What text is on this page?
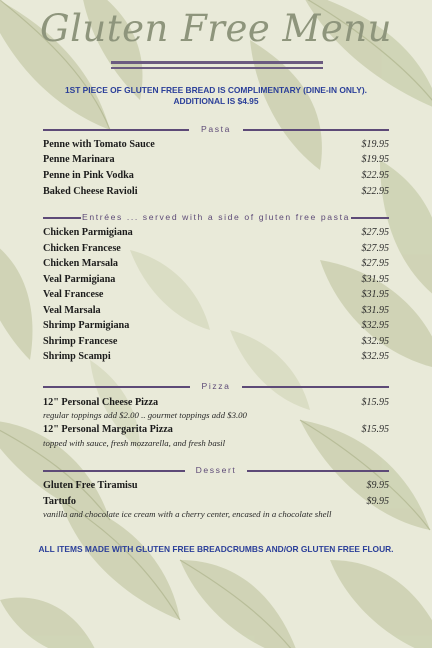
Gluten Free Menu
1ST PIECE OF GLUTEN FREE BREAD IS COMPLIMENTARY (DINE-IN ONLY). ADDITIONAL IS $4.95
Pasta
Penne with Tomato Sauce	$19.95
Penne Marinara	$19.95
Penne in Pink Vodka	$22.95
Baked Cheese Ravioli	$22.95
Entrées ... served with a side of gluten free pasta
Chicken Parmigiana	$27.95
Chicken Francese	$27.95
Chicken Marsala	$27.95
Veal Parmigiana	$31.95
Veal Francese	$31.95
Veal Marsala	$31.95
Shrimp Parmigiana	$32.95
Shrimp Francese	$32.95
Shrimp Scampi	$32.95
Pizza
12" Personal Cheese Pizza	$15.95
regular toppings add $2.00 .. gourmet toppings add $3.00
12" Personal Margarita Pizza	$15.95
topped with sauce, fresh mozzarella, and fresh basil
Dessert
Gluten Free Tiramisu	$9.95
Tartufo	$9.95
vanilla and chocolate ice cream with a cherry center, encased in a chocolate shell
ALL ITEMS MADE WITH GLUTEN FREE BREADCRUMBS AND/OR GLUTEN FREE FLOUR.
